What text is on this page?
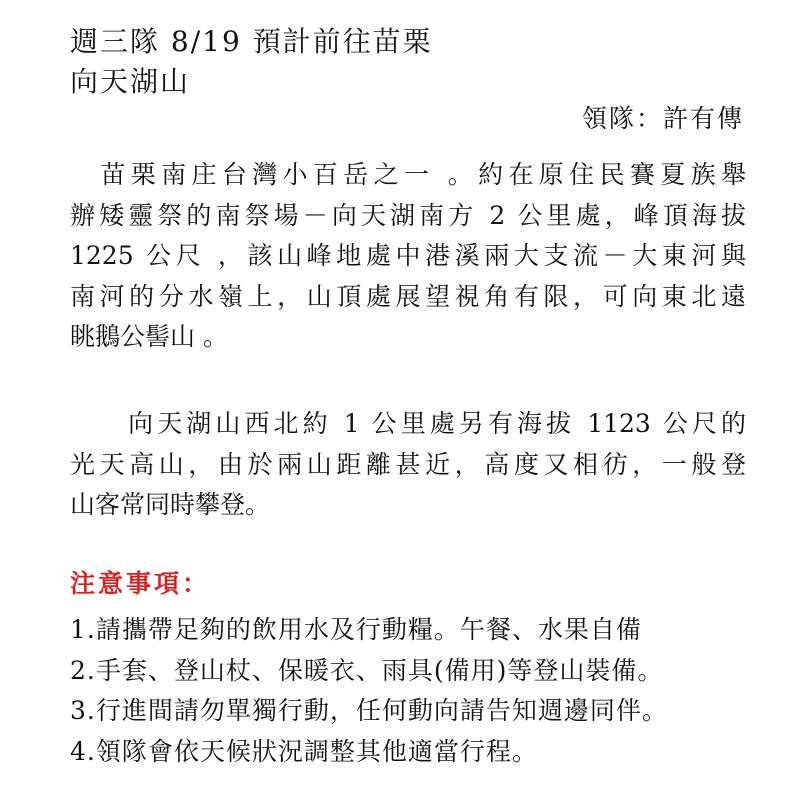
週三隊 8/19 預計前往苗栗
向天湖山
領隊：許有傳
　苗栗南庄台灣小百岳之一 。約在原住民賽夏族舉
辦矮靈祭的南祭場－向天湖南方 2 公里處，峰頂海拔
1225 公尺 ，該山峰地處中港溪兩大支流－大東河與
南河的分水嶺上，山頂處展望視角有限，可向東北遠
眺鵝公髻山 。
　　向天湖山西北約 1 公里處另有海拔 1123 公尺的
光天高山，由於兩山距離甚近，高度又相彷，一般登
山客常同時攀登。
注意事項：
1.請攜帶足夠的飲用水及行動糧。午餐、水果自備
2.手套、登山杖、保暖衣、雨具(備用)等登山裝備。
3.行進間請勿單獨行動，任何動向請告知週邊同伴。
4.領隊會依天候狀況調整其他適當行程。
